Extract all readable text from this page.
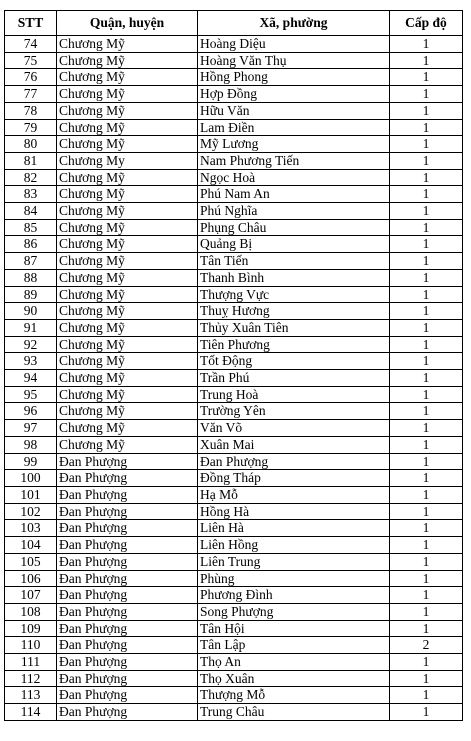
STT	Quận, huyện	Xã, phường	Cấp độ
74	Chương Mỹ	Hoàng Diệu	1
75	Chương Mỹ	Hoàng Văn Thụ	1
76	Chương Mỹ	Hồng Phong	1
77	Chương Mỹ	Hợp Đồng	1
78	Chương Mỹ	Hữu Văn	1
79	Chương Mỹ	Lam Điền	1
80	Chương Mỹ	Mỹ Lương	1
81	Chương My	Nam Phương Tiến	1
82	Chương Mỹ	Ngọc Hoà	1
83	Chương Mỹ	Phú Nam An	1
84	Chương Mỹ	Phú Nghĩa	1
85	Chương Mỹ	Phụng Châu	1
86	Chương Mỹ	Quảng Bị	1
87	Chương Mỹ	Tân Tiến	1
88	Chương Mỹ	Thanh Bình	1
89	Chương Mỹ	Thượng Vực	1
90	Chương Mỹ	Thuỵ Hương	1
91	Chương Mỹ	Thủy Xuân Tiên	1
92	Chương Mỹ	Tiên Phương	1
93	Chương Mỹ	Tốt Động	1
94	Chương Mỹ	Trần Phú	1
95	Chương Mỹ	Trung Hoà	1
96	Chương Mỹ	Trường Yên	1
97	Chương Mỹ	Văn Võ	1
98	Chương Mỹ	Xuân Mai	1
99	Đan Phượng	Đan Phượng	1
100	Đan Phượng	Đồng Tháp	1
101	Đan Phượng	Hạ Mỗ	1
102	Đan Phượng	Hồng Hà	1
103	Đan Phượng	Liên Hà	1
104	Đan Phượng	Liên Hồng	1
105	Đan Phượng	Liên Trung	1
106	Đan Phượng	Phùng	1
107	Đan Phượng	Phương Đình	1
108	Đan Phượng	Song Phượng	1
109	Đan Phượng	Tân Hội	1
110	Đan Phượng	Tân Lập	2
111	Đan Phượng	Thọ An	1
112	Đan Phượng	Thọ Xuân	1
113	Đan Phượng	Thượng Mỗ	1
114	Đan Phượng	Trung Châu	1
